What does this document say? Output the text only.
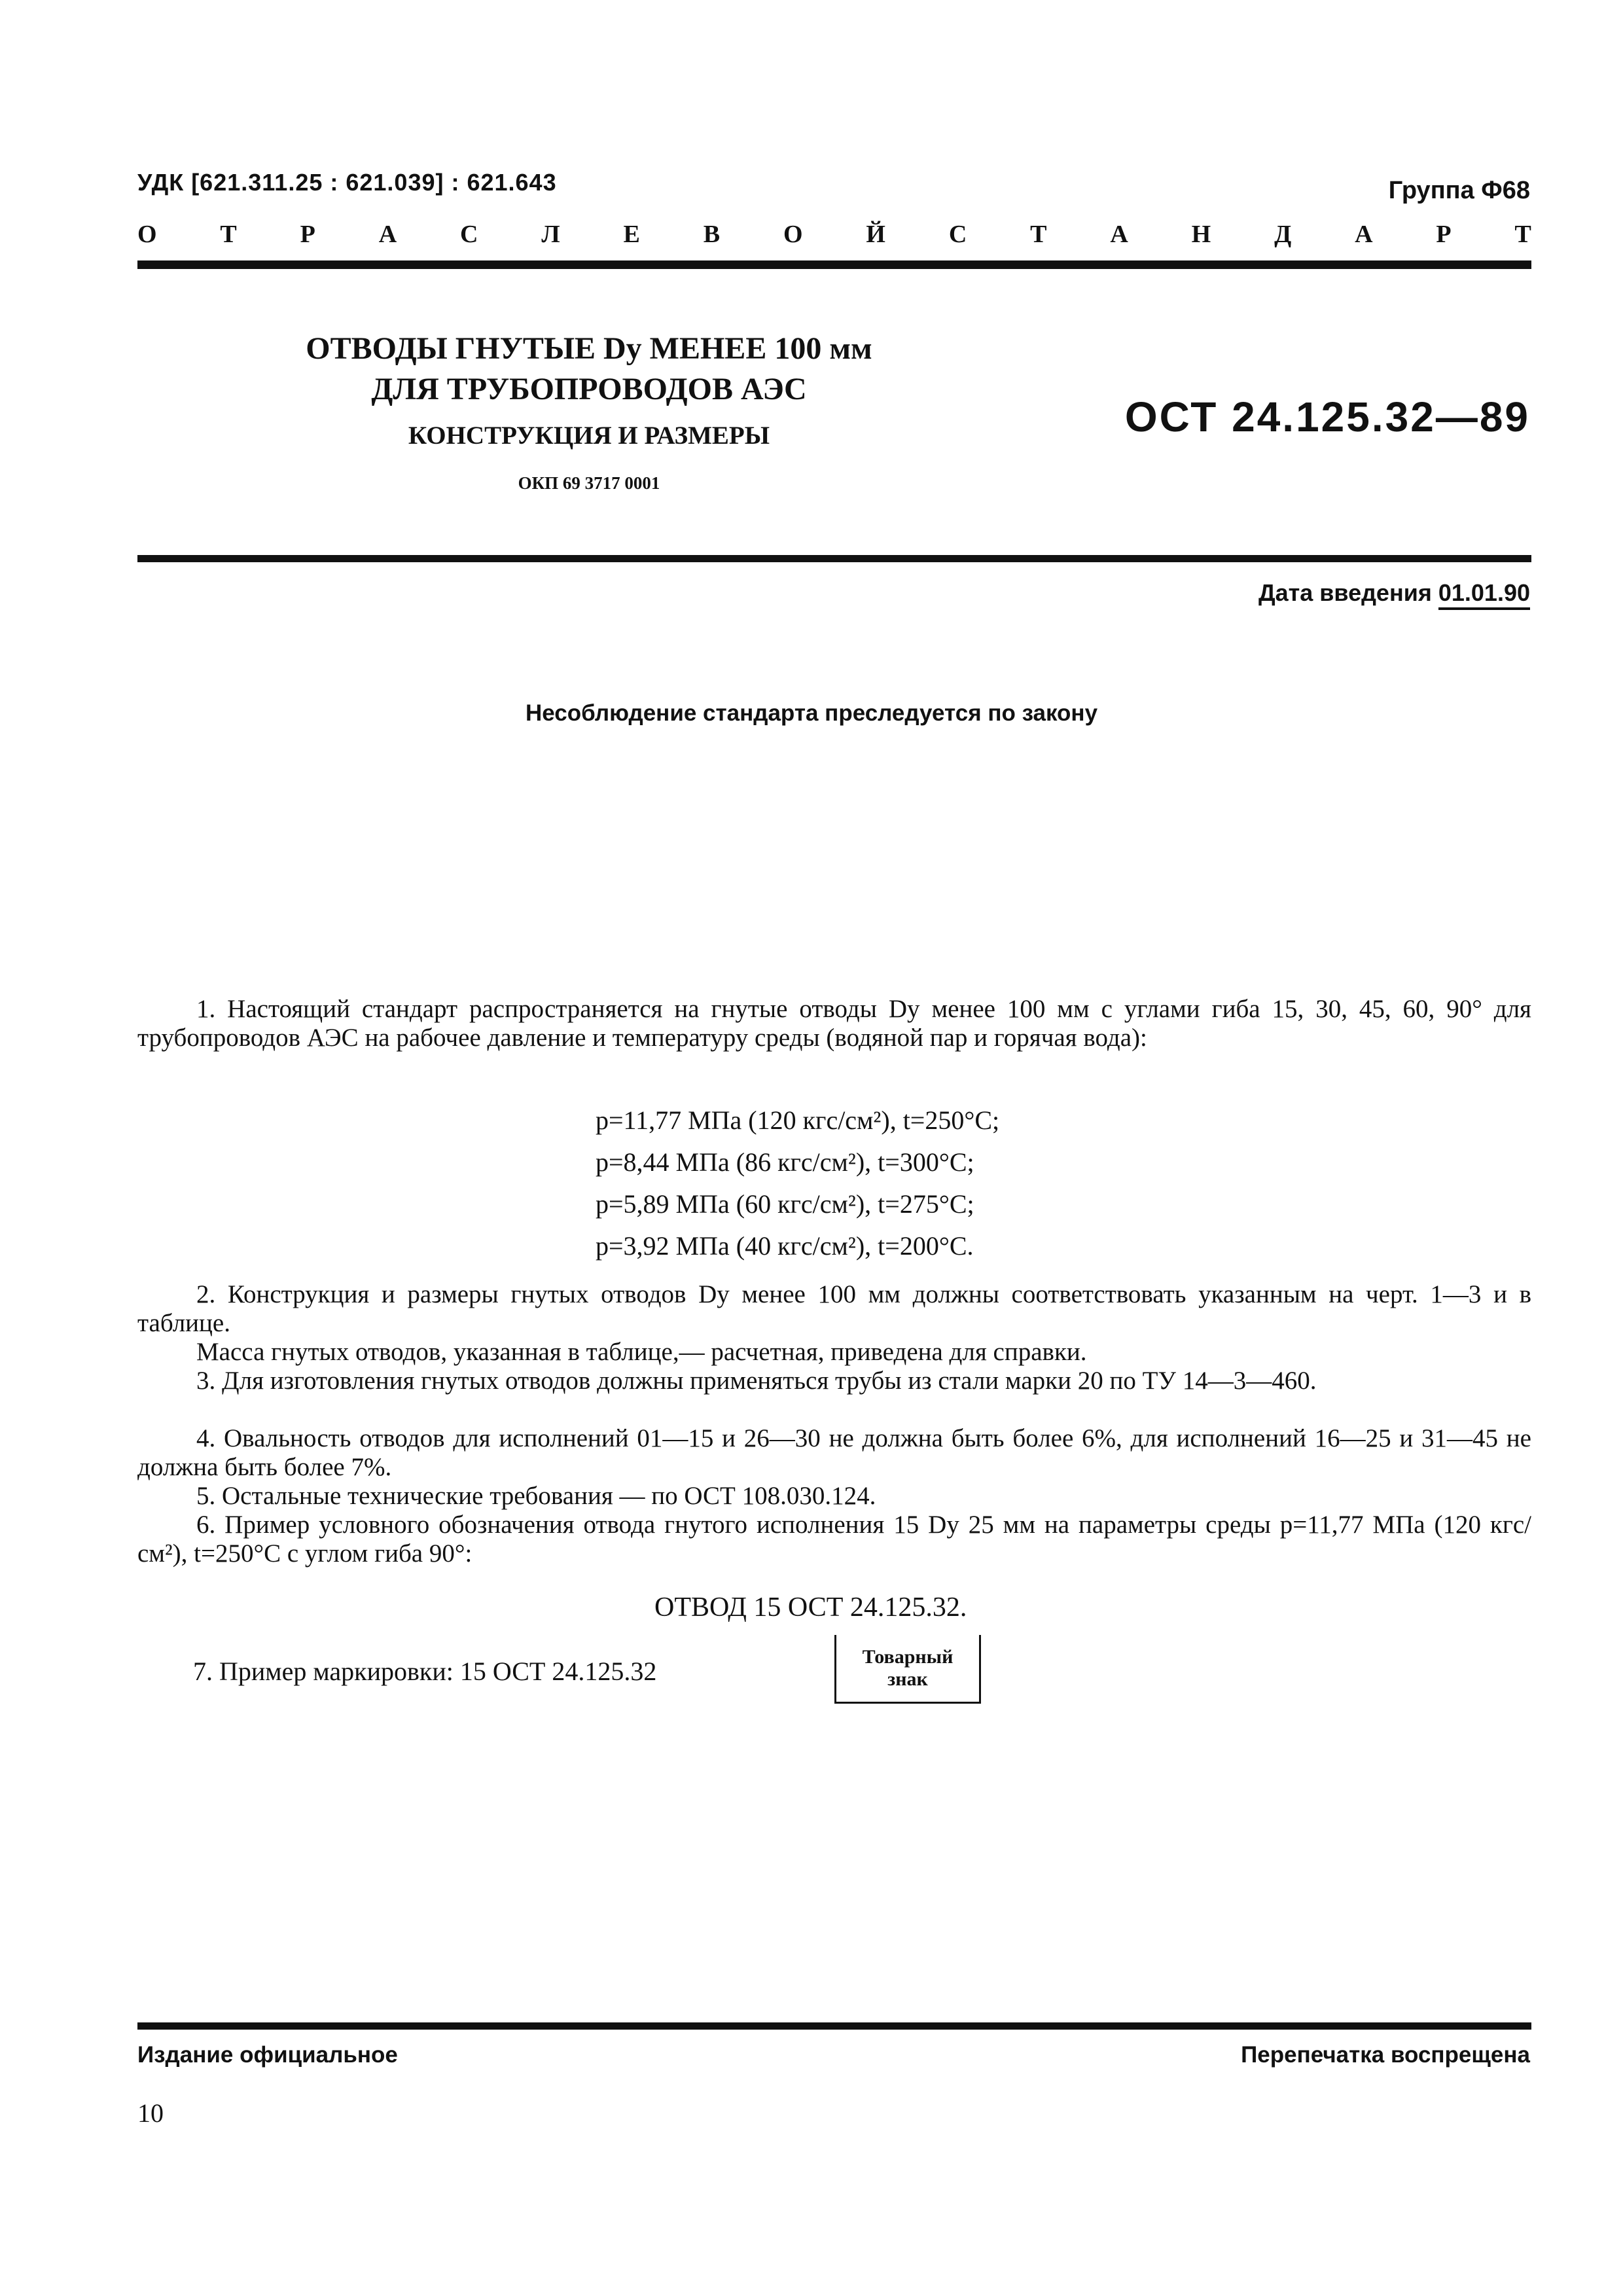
УДК [621.311.25 : 621.039] : 621.643	Группа Ф68
О	Т	Р	А	С	Л	Е	В	О	Й	С	Т	А	Н	Д	А	Р	Т
ОТВОДЫ ГНУТЫЕ Dу МЕНЕЕ 100 мм
ДЛЯ ТРУБОПРОВОДОВ АЭС
КОНСТРУКЦИЯ И РАЗМЕРЫ
ОКП 69 3717 0001
ОСТ 24.125.32—89
Дата введения 01.01.90
Несоблюдение стандарта преследуется по закону
1. Настоящий стандарт распространяется на гнутые отводы Dу менее 100 мм с углами гиба 15, 30, 45, 60, 90° для трубопроводов АЭС на рабочее давление и температуру среды (водяной пар и горячая вода):
p=11,77 МПа (120 кгс/см²), t=250°С;
p=8,44 МПа (86 кгс/см²), t=300°С;
p=5,89 МПа (60 кгс/см²), t=275°С;
p=3,92 МПа (40 кгс/см²), t=200°С.
2. Конструкция и размеры гнутых отводов Dу менее 100 мм должны соответствовать указанным на черт. 1—3 и в таблице.
Масса гнутых отводов, указанная в таблице,— расчетная, приведена для справки.
3. Для изготовления гнутых отводов должны применяться трубы из стали марки 20 по ТУ 14—3—460.
4. Овальность отводов для исполнений 01—15 и 26—30 не должна быть более 6%, для исполнений 16—25 и 31—45 не должна быть более 7%.
5. Остальные технические требования — по ОСТ 108.030.124.
6. Пример условного обозначения отвода гнутого исполнения 15 Dу 25 мм на параметры среды p=11,77 МПа (120 кгс/см²), t=250°С с углом гиба 90°:
ОТВОД 15 ОСТ 24.125.32.
7. Пример маркировки: 15 ОСТ 24.125.32	Товарный
знак
Издание официальное	Перепечатка воспрещена
10
